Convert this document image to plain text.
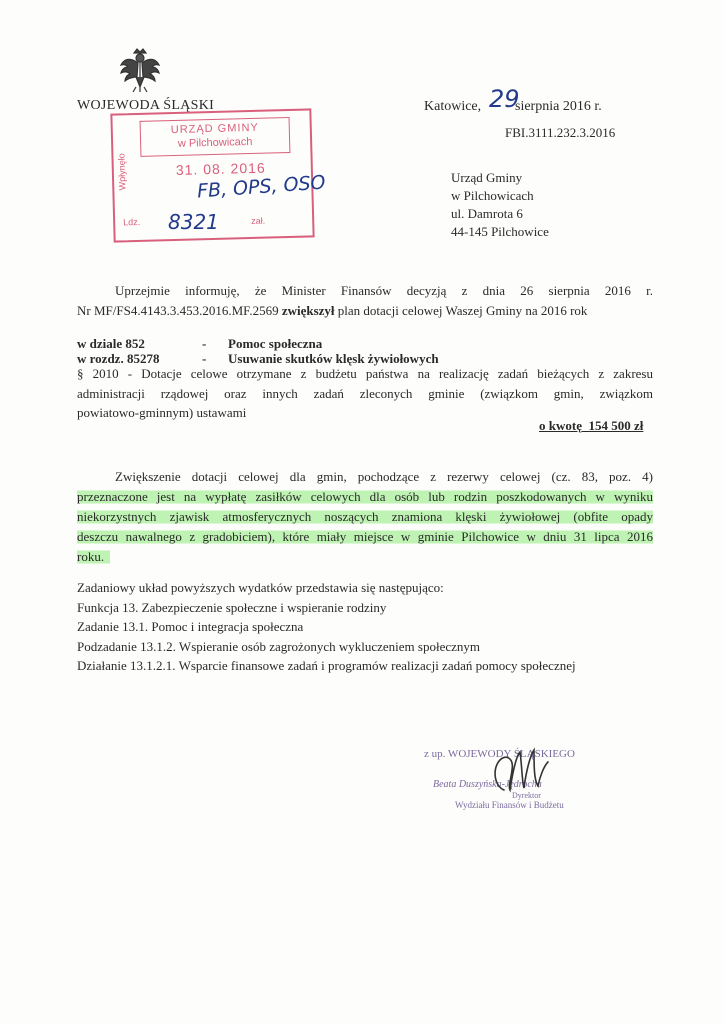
WOJEWODA ŚLĄSKI	Katowice, 29
sierpnia 2016 r.
FBI.3111.232.3.2016
URZĄD GMINY
w Pilchowicach
Wpłynęło	31. 08. 2016
Ldz.	zał.
FB, OPS, OSO
8321
Urząd Gminy
w Pilchowicach
ul. Damrota 6
44-145 Pilchowice
Uprzejmie informuję, że Minister Finansów decyzją z dnia 26 sierpnia 2016 r.
Nr MF/FS4.4143.3.453.2016.MF.2569 zwiększył plan dotacji celowej Waszej Gminy na 2016 rok
w dziale 852	- Pomoc społeczna
w rozdz. 85278	- Usuwanie skutków klęsk żywiołowych
§ 2010 - Dotacje celowe otrzymane z budżetu państwa na realizację zadań bieżących z zakresu
administracji rządowej oraz innych zadań zleconych gminie (związkom gmin, związkom
powiatowo-gminnym) ustawami
o kwotę 154 500 zł
Zwiększenie dotacji celowej dla gmin, pochodzące z rezerwy celowej (cz. 83, poz. 4)
przeznaczone jest na wypłatę zasiłków celowych dla osób lub rodzin poszkodowanych w wyniku
niekorzystnych zjawisk atmosferycznych noszących znamiona klęski żywiołowej (obfite opady
deszczu nawalnego z gradobiciem), które miały miejsce w gminie Pilchowice w dniu 31 lipca 2016
roku.
Zadaniowy układ powyższych wydatków przedstawia się następująco:
Funkcja 13. Zabezpieczenie społeczne i wspieranie rodziny
Zadanie 13.1. Pomoc i integracja społeczna
Podzadanie 13.1.2. Wspieranie osób zagrożonych wykluczeniem społecznym
Działanie 13.1.2.1. Wsparcie finansowe zadań i programów realizacji zadań pomocy społecznej
z up. WOJEWODY ŚLĄSKIEGO
Beata Duszyńska-Jędrocha
Dyrektor
Wydziału Finansów i Budżetu
